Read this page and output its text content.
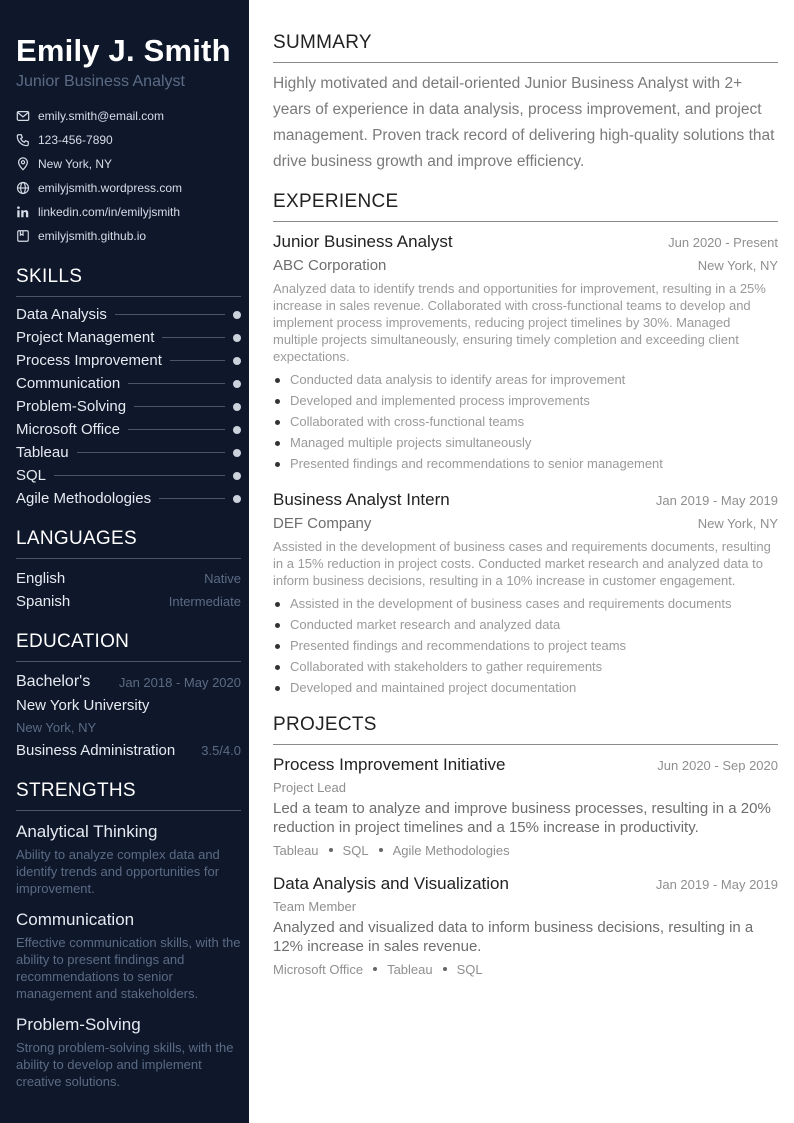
Emily J. Smith
Junior Business Analyst
emily.smith@email.com
123-456-7890
New York, NY
emilyjsmith.wordpress.com
linkedin.com/in/emilyjsmith
emilyjsmith.github.io
SKILLS
Data Analysis
Project Management
Process Improvement
Communication
Problem-Solving
Microsoft Office
Tableau
SQL
Agile Methodologies
LANGUAGES
English	Native
Spanish	Intermediate
EDUCATION
Bachelor's Jan 2018 - May 2020
New York University
New York, NY
Business Administration 3.5/4.0
STRENGTHS
Analytical Thinking
Ability to analyze complex data and identify trends and opportunities for improvement.
Communication
Effective communication skills, with the ability to present findings and recommendations to senior management and stakeholders.
Problem-Solving
Strong problem-solving skills, with the ability to develop and implement creative solutions.
SUMMARY
Highly motivated and detail-oriented Junior Business Analyst with 2+ years of experience in data analysis, process improvement, and project management. Proven track record of delivering high-quality solutions that drive business growth and improve efficiency.
EXPERIENCE
Junior Business Analyst	Jun 2020 - Present
ABC Corporation	New York, NY
Analyzed data to identify trends and opportunities for improvement, resulting in a 25% increase in sales revenue. Collaborated with cross-functional teams to develop and implement process improvements, reducing project timelines by 30%. Managed multiple projects simultaneously, ensuring timely completion and exceeding client expectations.
Conducted data analysis to identify areas for improvement
Developed and implemented process improvements
Collaborated with cross-functional teams
Managed multiple projects simultaneously
Presented findings and recommendations to senior management
Business Analyst Intern	Jan 2019 - May 2019
DEF Company	New York, NY
Assisted in the development of business cases and requirements documents, resulting in a 15% reduction in project costs. Conducted market research and analyzed data to inform business decisions, resulting in a 10% increase in customer engagement.
Assisted in the development of business cases and requirements documents
Conducted market research and analyzed data
Presented findings and recommendations to project teams
Collaborated with stakeholders to gather requirements
Developed and maintained project documentation
PROJECTS
Process Improvement Initiative	Jun 2020 - Sep 2020
Project Lead
Led a team to analyze and improve business processes, resulting in a 20% reduction in project timelines and a 15% increase in productivity.
Tableau SQL Agile Methodologies
Data Analysis and Visualization	Jan 2019 - May 2019
Team Member
Analyzed and visualized data to inform business decisions, resulting in a 12% increase in sales revenue.
Microsoft Office Tableau SQL
